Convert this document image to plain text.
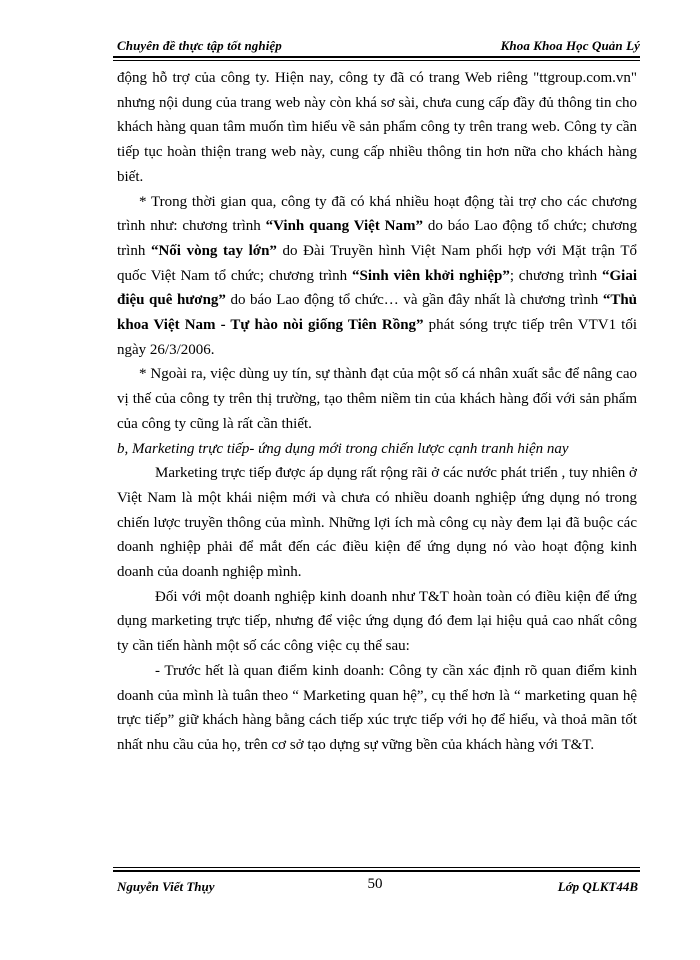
Chuyên đề thực tập tốt nghiệp	Khoa Khoa Học Quản Lý

động hỗ trợ của công ty. Hiện nay, công ty đã có trang Web riêng "ttgroup.com.vn" nhưng nội dung của trang web này còn khá sơ sài, chưa cung cấp đầy đủ thông tin cho khách hàng quan tâm muốn tìm hiểu về sản phẩm công ty trên trang web. Công ty cần tiếp tục hoàn thiện trang web này, cung cấp nhiều thông tin hơn nữa cho khách hàng biết.

* Trong thời gian qua, công ty đã có khá nhiều hoạt động tài trợ cho các chương trình như: chương trình “Vinh quang Việt Nam” do báo Lao động tổ chức; chương trình “Nối vòng tay lớn” do Đài Truyền hình Việt Nam phối hợp với Mặt trận Tổ quốc Việt Nam tổ chức; chương trình “Sinh viên khởi nghiệp”; chương trình “Giai điệu quê hương” do báo Lao động tổ chức… và gần đây nhất là chương trình “Thủ khoa Việt Nam - Tự hào nòi giống Tiên Rồng” phát sóng trực tiếp trên VTV1 tối ngày 26/3/2006.

* Ngoài ra, việc dùng uy tín, sự thành đạt của một số cá nhân xuất sắc để nâng cao vị thế của công ty trên thị trường, tạo thêm niềm tin của khách hàng đối với sản phẩm của công ty cũng là rất cần thiết.

b, Marketing trực tiếp- ứng dụng mới trong chiến lược cạnh tranh hiện nay

Marketing trực tiếp được áp dụng rất rộng rãi ở các nước phát triển , tuy nhiên ở Việt Nam là một khái niệm mới và chưa có nhiều doanh nghiệp ứng dụng nó trong chiến lược truyền thông của mình. Những lợi ích mà công cụ này đem lại đã buộc các doanh nghiệp phải để mắt đến các điều kiện để ứng dụng nó vào hoạt động kinh doanh của doanh nghiệp mình.

Đối với một doanh nghiệp kinh doanh như T&T hoàn toàn có điều kiện để ứng dụng marketing trực tiếp, nhưng để việc ứng dụng đó đem lại hiệu quả cao nhất công ty cần tiến hành một số các công việc cụ thể sau:

- Trước hết là quan điểm kinh doanh: Công ty cần xác định rõ quan điểm kinh doanh của mình là tuân theo “ Marketing quan hệ”, cụ thể hơn là “ marketing quan hệ trực tiếp” giữ khách hàng bằng cách tiếp xúc trực tiếp với họ để hiểu, và thoả mãn tốt nhất nhu cầu của họ, trên cơ sở tạo dựng sự vững bền của khách hàng với T&T.

Nguyễn Viết Thụy	50	Lớp QLKT44B
